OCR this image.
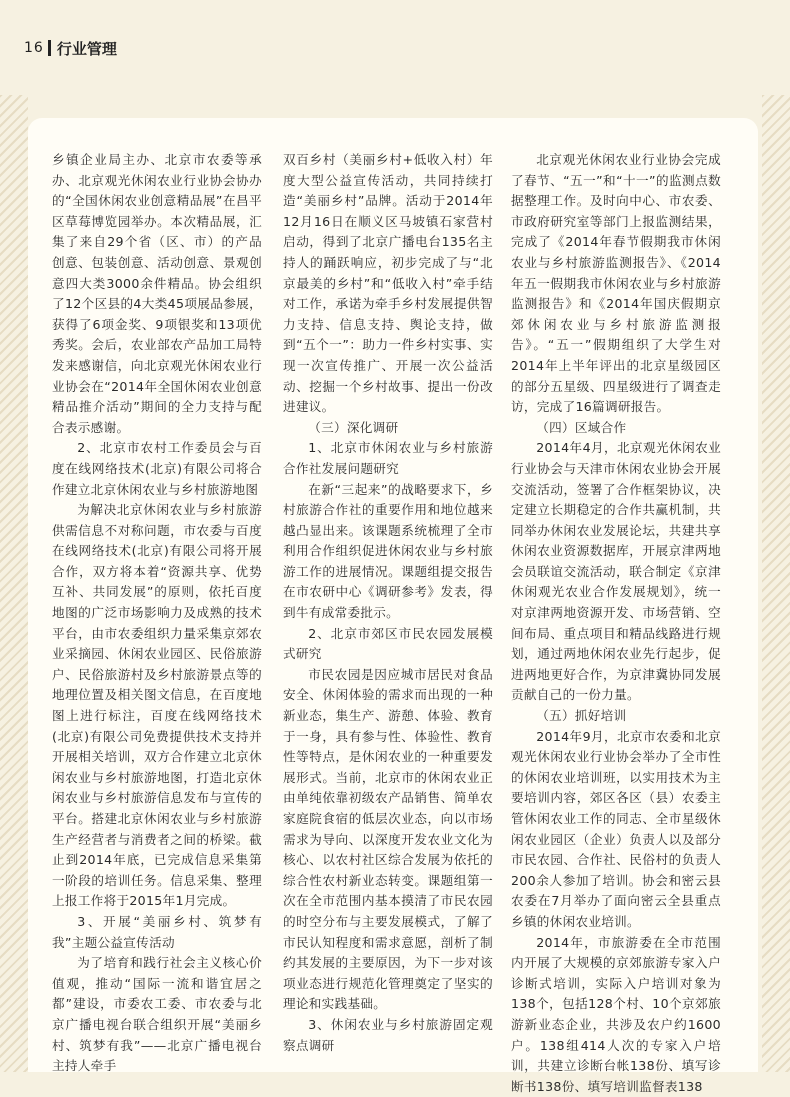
16 行业管理

乡镇企业局主办、北京市农委等承办、北京观光休闲农业行业协会协办的“全国休闲农业创意精品展”在昌平区草莓博览园举办。本次精品展，汇集了来自29个省（区、市）的产品创意、包装创意、活动创意、景观创意四大类3000余件精品。协会组织了12个区县的4大类45项展品参展，获得了6项金奖、9项银奖和13项优秀奖。会后，农业部农产品加工局特发来感谢信，向北京观光休闲农业行业协会在“2014年全国休闲农业创意精品推介活动”期间的全力支持与配合表示感谢。

2、北京市农村工作委员会与百度在线网络技术(北京)有限公司将合作建立北京休闲农业与乡村旅游地图

为解决北京休闲农业与乡村旅游供需信息不对称问题，市农委与百度在线网络技术(北京)有限公司将开展合作，双方将本着“资源共享、优势互补、共同发展”的原则，依托百度地图的广泛市场影响力及成熟的技术平台，由市农委组织力量采集京郊农业采摘园、休闲农业园区、民俗旅游户、民俗旅游村及乡村旅游景点等的地理位置及相关图文信息，在百度地图上进行标注，百度在线网络技术(北京)有限公司免费提供技术支持并开展相关培训，双方合作建立北京休闲农业与乡村旅游地图，打造北京休闲农业与乡村旅游信息发布与宣传的平台。搭建北京休闲农业与乡村旅游生产经营者与消费者之间的桥梁。截止到2014年底，已完成信息采集第一阶段的培训任务。信息采集、整理上报工作将于2015年1月完成。

3、开展“美丽乡村、筑梦有我”主题公益宣传活动

为了培育和践行社会主义核心价值观，推动“国际一流和谐宜居之都”建设，市委农工委、市农委与北京广播电视台联合组织开展“美丽乡村、筑梦有我”——北京广播电视台主持人牵手

双百乡村（美丽乡村+低收入村）年度大型公益宣传活动，共同持续打造“美丽乡村”品牌。活动于2014年12月16日在顺义区马坡镇石家营村启动，得到了北京广播电台135名主持人的踊跃响应，初步完成了与“北京最美的乡村”和“低收入村”牵手结对工作，承诺为牵手乡村发展提供智力支持、信息支持、舆论支持，做到“五个一”：助力一件乡村实事、实现一次宣传推广、开展一次公益活动、挖掘一个乡村故事、提出一份改进建议。

（三）深化调研

1、北京市休闲农业与乡村旅游合作社发展问题研究

在新“三起来”的战略要求下，乡村旅游合作社的重要作用和地位越来越凸显出来。该课题系统梳理了全市利用合作组织促进休闲农业与乡村旅游工作的进展情况。课题组提交报告在市农研中心《调研参考》发表，得到牛有成常委批示。

2、北京市郊区市民农园发展模式研究

市民农园是因应城市居民对食品安全、休闲体验的需求而出现的一种新业态，集生产、游憩、体验、教育于一身，具有参与性、体验性、教育性等特点，是休闲农业的一种重要发展形式。当前，北京市的休闲农业正由单纯依靠初级农产品销售、简单农家庭院食宿的低层次业态，向以市场需求为导向、以深度开发农业文化为核心、以农村社区综合发展为依托的综合性农村新业态转变。课题组第一次在全市范围内基本摸清了市民农园的时空分布与主要发展模式，了解了市民认知程度和需求意愿，剖析了制约其发展的主要原因，为下一步对该项业态进行规范化管理奠定了坚实的理论和实践基础。

3、休闲农业与乡村旅游固定观察点调研

北京观光休闲农业行业协会完成了春节、“五一”和“十一”的监测点数据整理工作。及时向中心、市农委、市政府研究室等部门上报监测结果，完成了《2014年春节假期我市休闲农业与乡村旅游监测报告》、《2014年五一假期我市休闲农业与乡村旅游监测报告》和《2014年国庆假期京郊休闲农业与乡村旅游监测报告》。“五一”假期组织了大学生对2014年上半年评出的北京星级园区的部分五星级、四星级进行了调查走访，完成了16篇调研报告。

（四）区域合作

2014年4月，北京观光休闲农业行业协会与天津市休闲农业协会开展交流活动，签署了合作框架协议，决定建立长期稳定的合作共赢机制，共同举办休闲农业发展论坛，共建共享休闲农业资源数据库，开展京津两地会员联谊交流活动，联合制定《京津休闲观光农业合作发展规划》，统一对京津两地资源开发、市场营销、空间布局、重点项目和精品线路进行规划，通过两地休闲农业先行起步，促进两地更好合作，为京津冀协同发展贡献自己的一份力量。

（五）抓好培训

2014年9月，北京市农委和北京观光休闲农业行业协会举办了全市性的休闲农业培训班，以实用技术为主要培训内容，郊区各区（县）农委主管休闲农业工作的同志、全市星级休闲农业园区（企业）负责人以及部分市民农园、合作社、民俗村的负责人200余人参加了培训。协会和密云县农委在7月举办了面向密云全县重点乡镇的休闲农业培训。

2014年，市旅游委在全市范围内开展了大规模的京郊旅游专家入户诊断式培训，实际入户培训对象为138个，包括128个村、10个京郊旅游新业态企业，共涉及农户约1600户。138组414人次的专家入户培训，共建立诊断台帐138份、填写诊断书138份、填写培训监督表138
